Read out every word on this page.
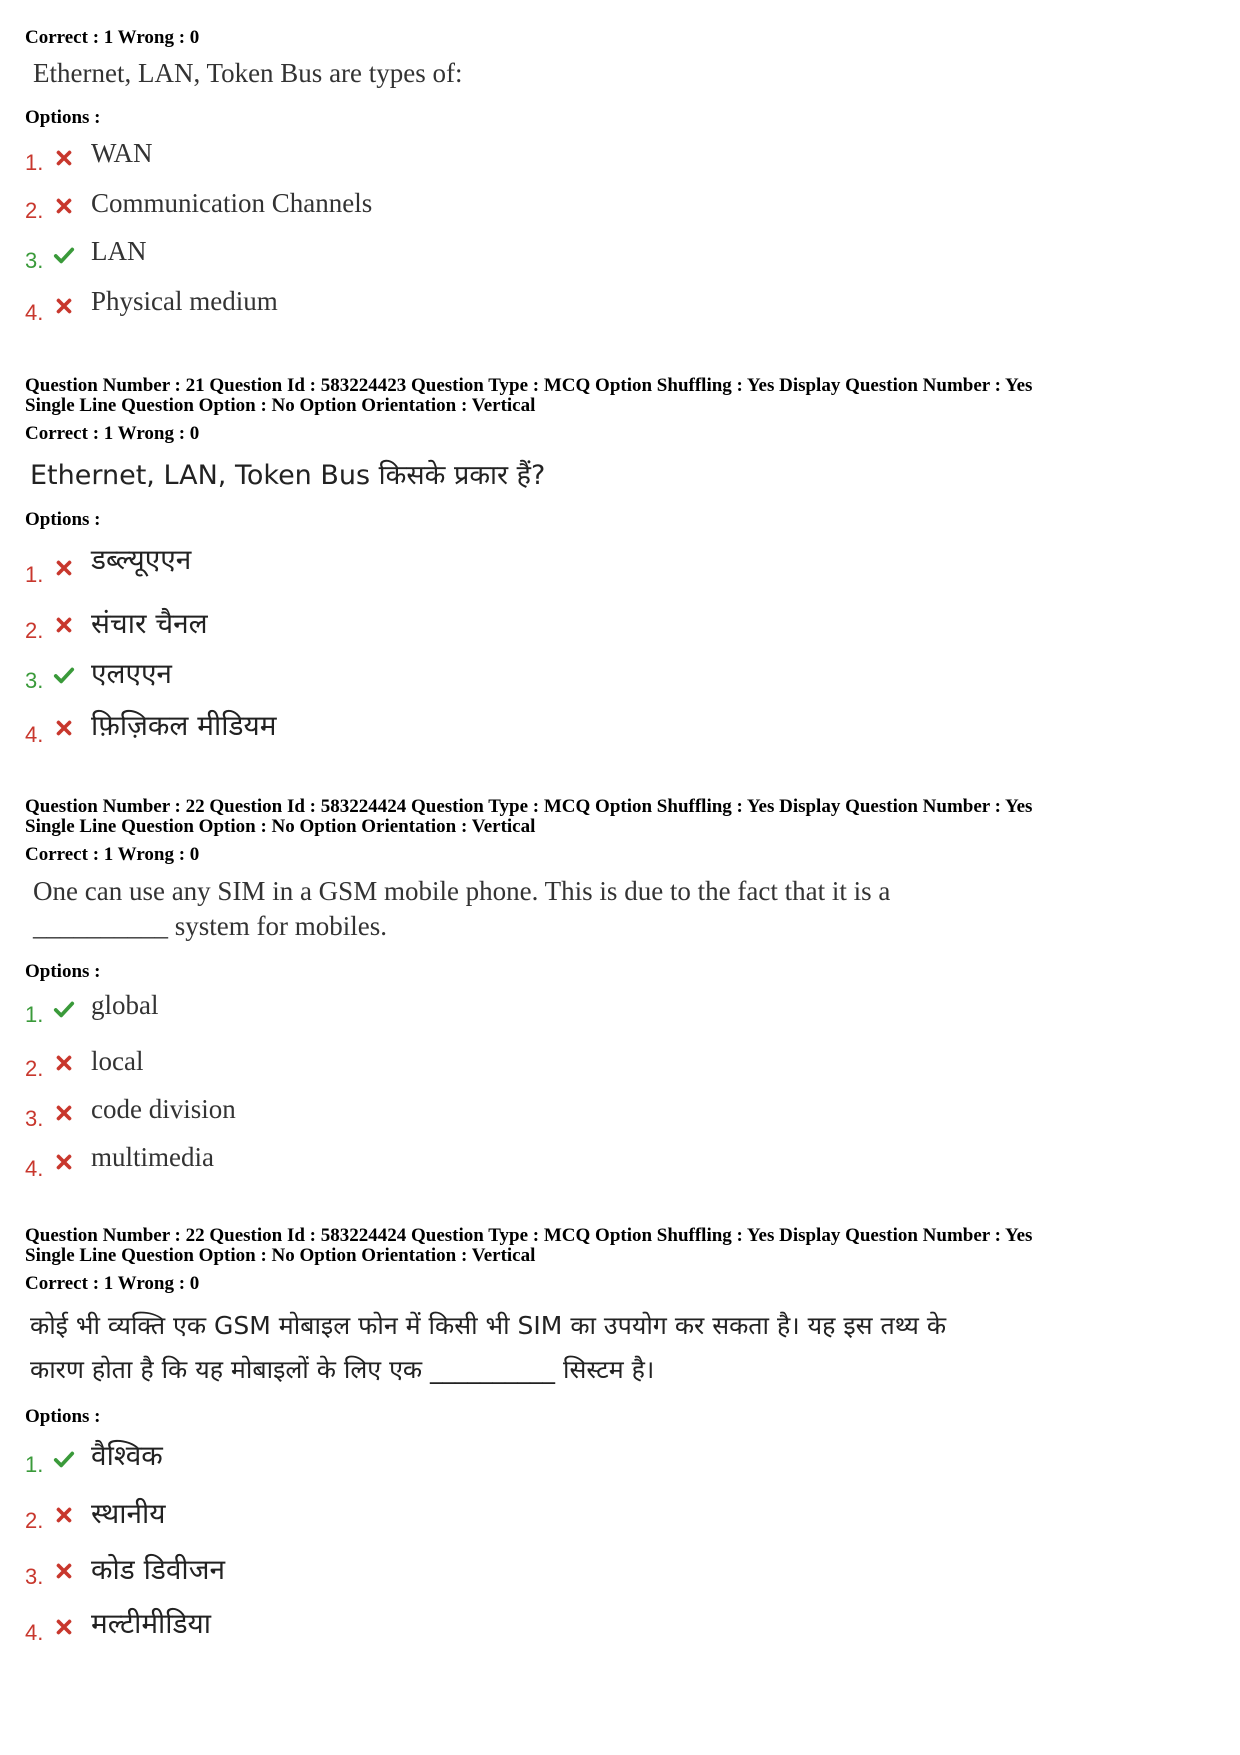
Correct : 1 Wrong : 0
Ethernet, LAN, Token Bus are types of:
Options :
1. WAN
2. Communication Channels
3. LAN
4. Physical medium
Question Number : 21 Question Id : 583224423 Question Type : MCQ Option Shuffling : Yes Display Question Number : Yes
Single Line Question Option : No Option Orientation : Vertical
Correct : 1 Wrong : 0
Ethernet, LAN, Token Bus किसके प्रकार हैं?
Options :
1. डब्ल्यूएएन
2. संचार चैनल
3. एलएएन
4. फ़िज़िकल मीडियम
Question Number : 22 Question Id : 583224424 Question Type : MCQ Option Shuffling : Yes Display Question Number : Yes
Single Line Question Option : No Option Orientation : Vertical
Correct : 1 Wrong : 0
One can use any SIM in a GSM mobile phone. This is due to the fact that it is a
__________ system for mobiles.
Options :
1. global
2. local
3. code division
4. multimedia
Question Number : 22 Question Id : 583224424 Question Type : MCQ Option Shuffling : Yes Display Question Number : Yes
Single Line Question Option : No Option Orientation : Vertical
Correct : 1 Wrong : 0
कोई भी व्यक्ति एक GSM मोबाइल फोन में किसी भी SIM का उपयोग कर सकता है। यह इस तथ्य के
कारण होता है कि यह मोबाइलों के लिए एक __________ सिस्टम है।
Options :
1. वैश्विक
2. स्थानीय
3. कोड डिवीजन
4. मल्टीमीडिया
